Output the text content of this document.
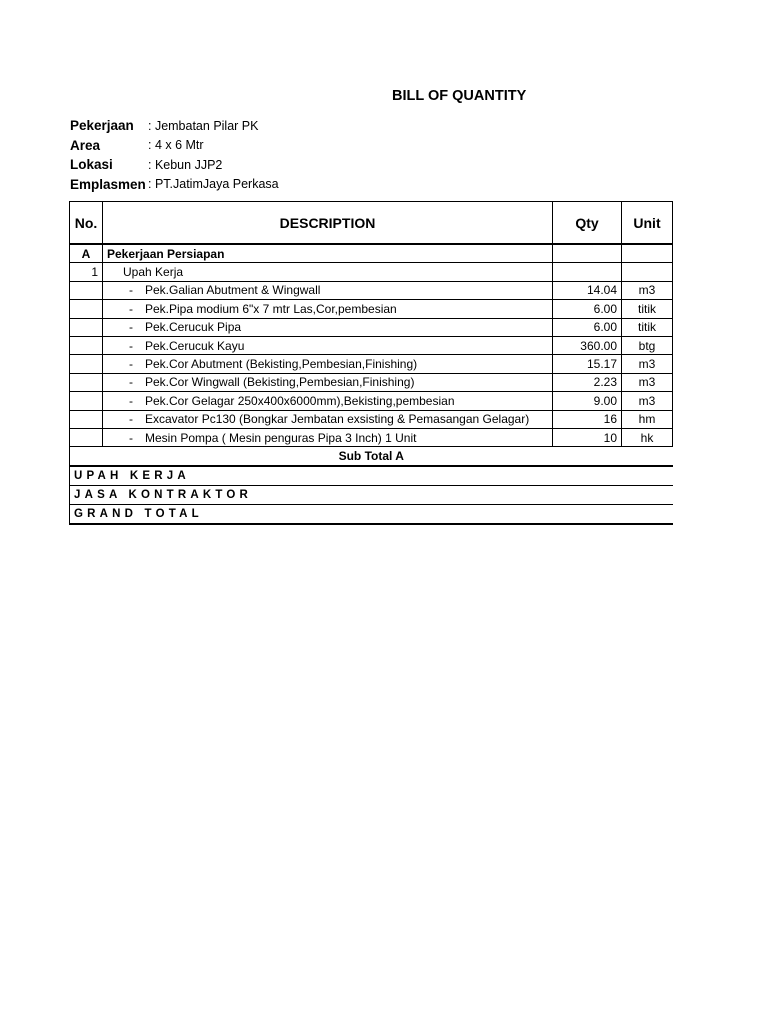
BILL OF QUANTITY
Pekerjaan	: Jembatan Pilar PK
Area	: 4 x 6 Mtr
Lokasi	: Kebun JJP2
Emplasmen : PT.JatimJaya Perkasa
No.	DESCRIPTION	Qty	Unit
A	Pekerjaan Persiapan		
1	Upah Kerja		
	- Pek.Galian Abutment & Wingwall	14.04	m3
	- Pek.Pipa modium 6"x 7 mtr Las,Cor,pembesian	6.00	titik
	- Pek.Cerucuk Pipa	6.00	titik
	- Pek.Cerucuk Kayu	360.00	btg
	- Pek.Cor Abutment (Bekisting,Pembesian,Finishing)	15.17	m3
	- Pek.Cor Wingwall (Bekisting,Pembesian,Finishing)	2.23	m3
	- Pek.Cor Gelagar 250x400x6000mm),Bekisting,pembesian	9.00	m3
	- Excavator Pc130 (Bongkar Jembatan exsisting & Pemasangan Gelagar)	16	hm
	- Mesin Pompa ( Mesin penguras Pipa 3 Inch) 1 Unit	10	hk
Sub Total A			
UPAH KERJA			
JASA KONTRAKTOR			
GRAND TOTAL			
